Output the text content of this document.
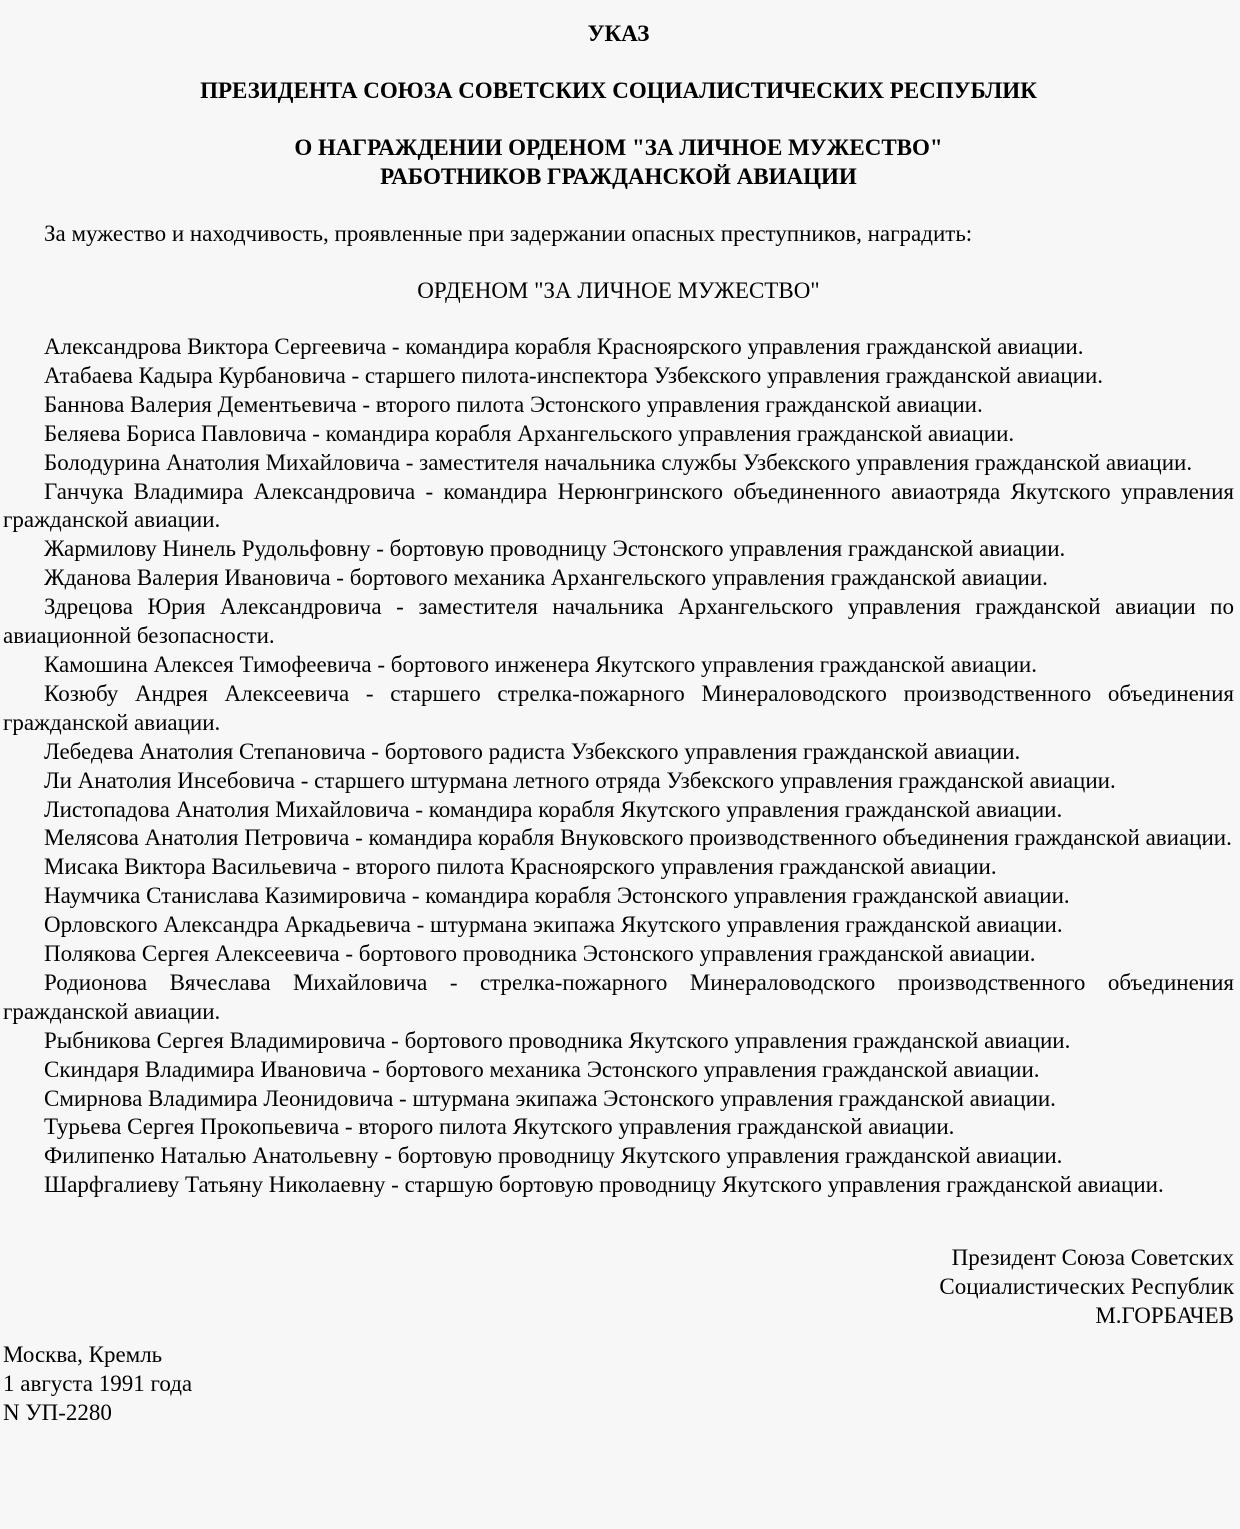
УКАЗ
ПРЕЗИДЕНТА СОЮЗА СОВЕТСКИХ СОЦИАЛИСТИЧЕСКИХ РЕСПУБЛИК
О НАГРАЖДЕНИИ ОРДЕНОМ "ЗА ЛИЧНОЕ МУЖЕСТВО"
РАБОТНИКОВ ГРАЖДАНСКОЙ АВИАЦИИ
За мужество и находчивость, проявленные при задержании опасных преступников, наградить:
ОРДЕНОМ "ЗА ЛИЧНОЕ МУЖЕСТВО"

Александрова Виктора Сергеевича - командира корабля Красноярского управления гражданской авиации.

Атабаева Кадыра Курбановича - старшего пилота-инспектора Узбекского управления гражданской авиации.

Баннова Валерия Дементьевича - второго пилота Эстонского управления гражданской авиации.

Беляева Бориса Павловича - командира корабля Архангельского управления гражданской авиации.

Болодурина Анатолия Михайловича - заместителя начальника службы Узбекского управления гражданской авиации.

Ганчука Владимира Александровича - командира Нерюнгринского объединенного авиаотряда Якутского управления гражданской авиации.

Жармилову Нинель Рудольфовну - бортовую проводницу Эстонского управления гражданской авиации.

Жданова Валерия Ивановича - бортового механика Архангельского управления гражданской авиации.

Здрецова Юрия Александровича - заместителя начальника Архангельского управления гражданской авиации по авиационной безопасности.

Камошина Алексея Тимофеевича - бортового инженера Якутского управления гражданской авиации.

Козюбу Андрея Алексеевича - старшего стрелка-пожарного Минераловодского производственного объединения гражданской авиации.

Лебедева Анатолия Степановича - бортового радиста Узбекского управления гражданской авиации.

Ли Анатолия Инсебовича - старшего штурмана летного отряда Узбекского управления гражданской авиации.

Листопадова Анатолия Михайловича - командира корабля Якутского управления гражданской авиации.

Мелясова Анатолия Петровича - командира корабля Внуковского производственного объединения гражданской авиации.

Мисака Виктора Васильевича - второго пилота Красноярского управления гражданской авиации.

Наумчика Станислава Казимировича - командира корабля Эстонского управления гражданской авиации.

Орловского Александра Аркадьевича - штурмана экипажа Якутского управления гражданской авиации.

Полякова Сергея Алексеевича - бортового проводника Эстонского управления гражданской авиации.

Родионова Вячеслава Михайловича - стрелка-пожарного Минераловодского производственного объединения гражданской авиации.

Рыбникова Сергея Владимировича - бортового проводника Якутского управления гражданской авиации.

Скиндаря Владимира Ивановича - бортового механика Эстонского управления гражданской авиации.

Смирнова Владимира Леонидовича - штурмана экипажа Эстонского управления гражданской авиации.

Турьева Сергея Прокопьевича - второго пилота Якутского управления гражданской авиации.

Филипенко Наталью Анатольевну - бортовую проводницу Якутского управления гражданской авиации.

Шарфгалиеву Татьяну Николаевну - старшую бортовую проводницу Якутского управления гражданской авиации.

Президент Союза Советских
Социалистических Республик
М.ГОРБАЧЕВ
Москва, Кремль
1 августа 1991 года
N УП-2280
